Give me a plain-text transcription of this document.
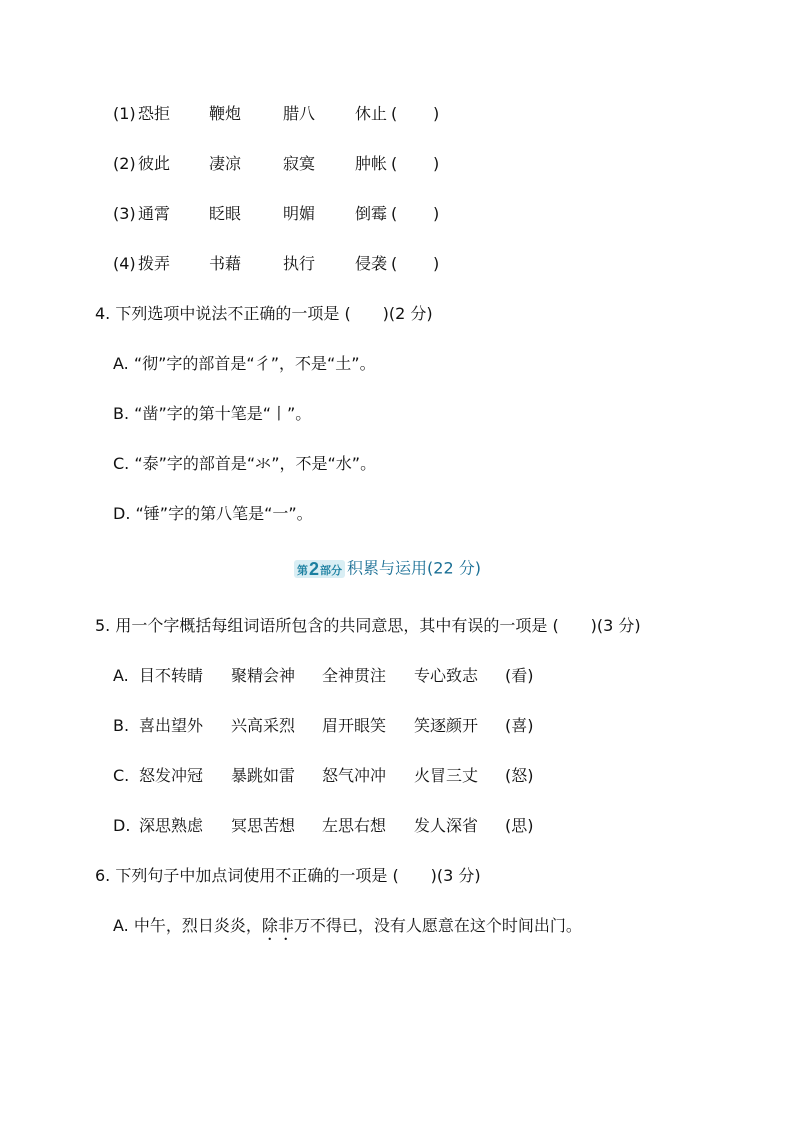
(1) 恐拒 鞭炮	腊八 休止 ( )
(2) 彼此 凄凉	寂寞 肿帐 ( )
(3) 通霄 眨眼	明媚 倒霉 ( )
(4) 拨弄 书藉	执行 侵袭 ( )
4. 下列选项中说法不正确的一项是 (　　)(2 分)
A. “彻”字的部首是“彳”，不是“土”。
B. “凿”字的第十笔是“丨”。
C. “泰”字的部首是“氺”，不是“水”。
D. “锤”字的第八笔是“一”。
第2部分 积累与运用(22 分)
5. 用一个字概括每组词语所包含的共同意思，其中有误的一项是 (　　)(3 分)
A. 目不转睛 聚精会神 全神贯注 专心致志 (看)
B. 喜出望外 兴高采烈 眉开眼笑 笑逐颜开 (喜)
C. 怒发冲冠 暴跳如雷 怒气冲冲 火冒三丈 (怒)
D. 深思熟虑 冥思苦想 左思右想 发人深省 (思)
6. 下列句子中加点词使用不正确的一项是 (　　)(3 分)
A. 中午，烈日炎炎，除非万不得已，没有人愿意在这个时间出门。
